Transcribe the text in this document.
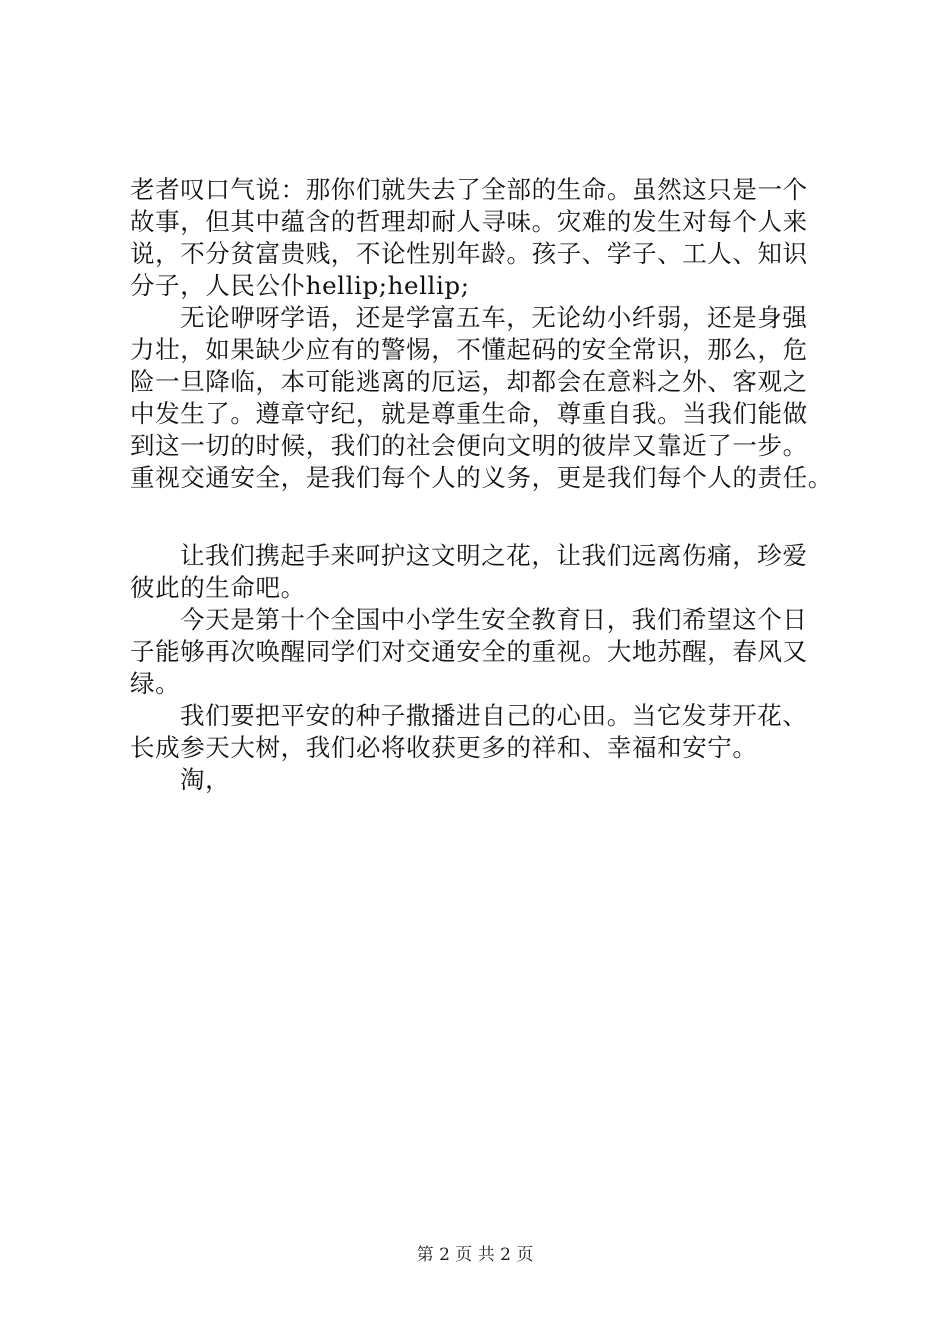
老者叹口气说：那你们就失去了全部的生命。虽然这只是一个
故事，但其中蕴含的哲理却耐人寻味。灾难的发生对每个人来
说，不分贫富贵贱，不论性别年龄。孩子、学子、工人、知识
分子，人民公仆hellip;hellip;
无论咿呀学语，还是学富五车，无论幼小纤弱，还是身强
力壮，如果缺少应有的警惕，不懂起码的安全常识，那么，危
险一旦降临，本可能逃离的厄运，却都会在意料之外、客观之
中发生了。遵章守纪，就是尊重生命，尊重自我。当我们能做
到这一切的时候，我们的社会便向文明的彼岸又靠近了一步。
重视交通安全，是我们每个人的义务，更是我们每个人的责任。
让我们携起手来呵护这文明之花，让我们远离伤痛，珍爱
彼此的生命吧。
今天是第十个全国中小学生安全教育日，我们希望这个日
子能够再次唤醒同学们对交通安全的重视。大地苏醒，春风又
绿。
我们要把平安的种子撒播进自己的心田。当它发芽开花、
长成参天大树，我们必将收获更多的祥和、幸福和安宁。
淘，
第 2 页 共 2 页
